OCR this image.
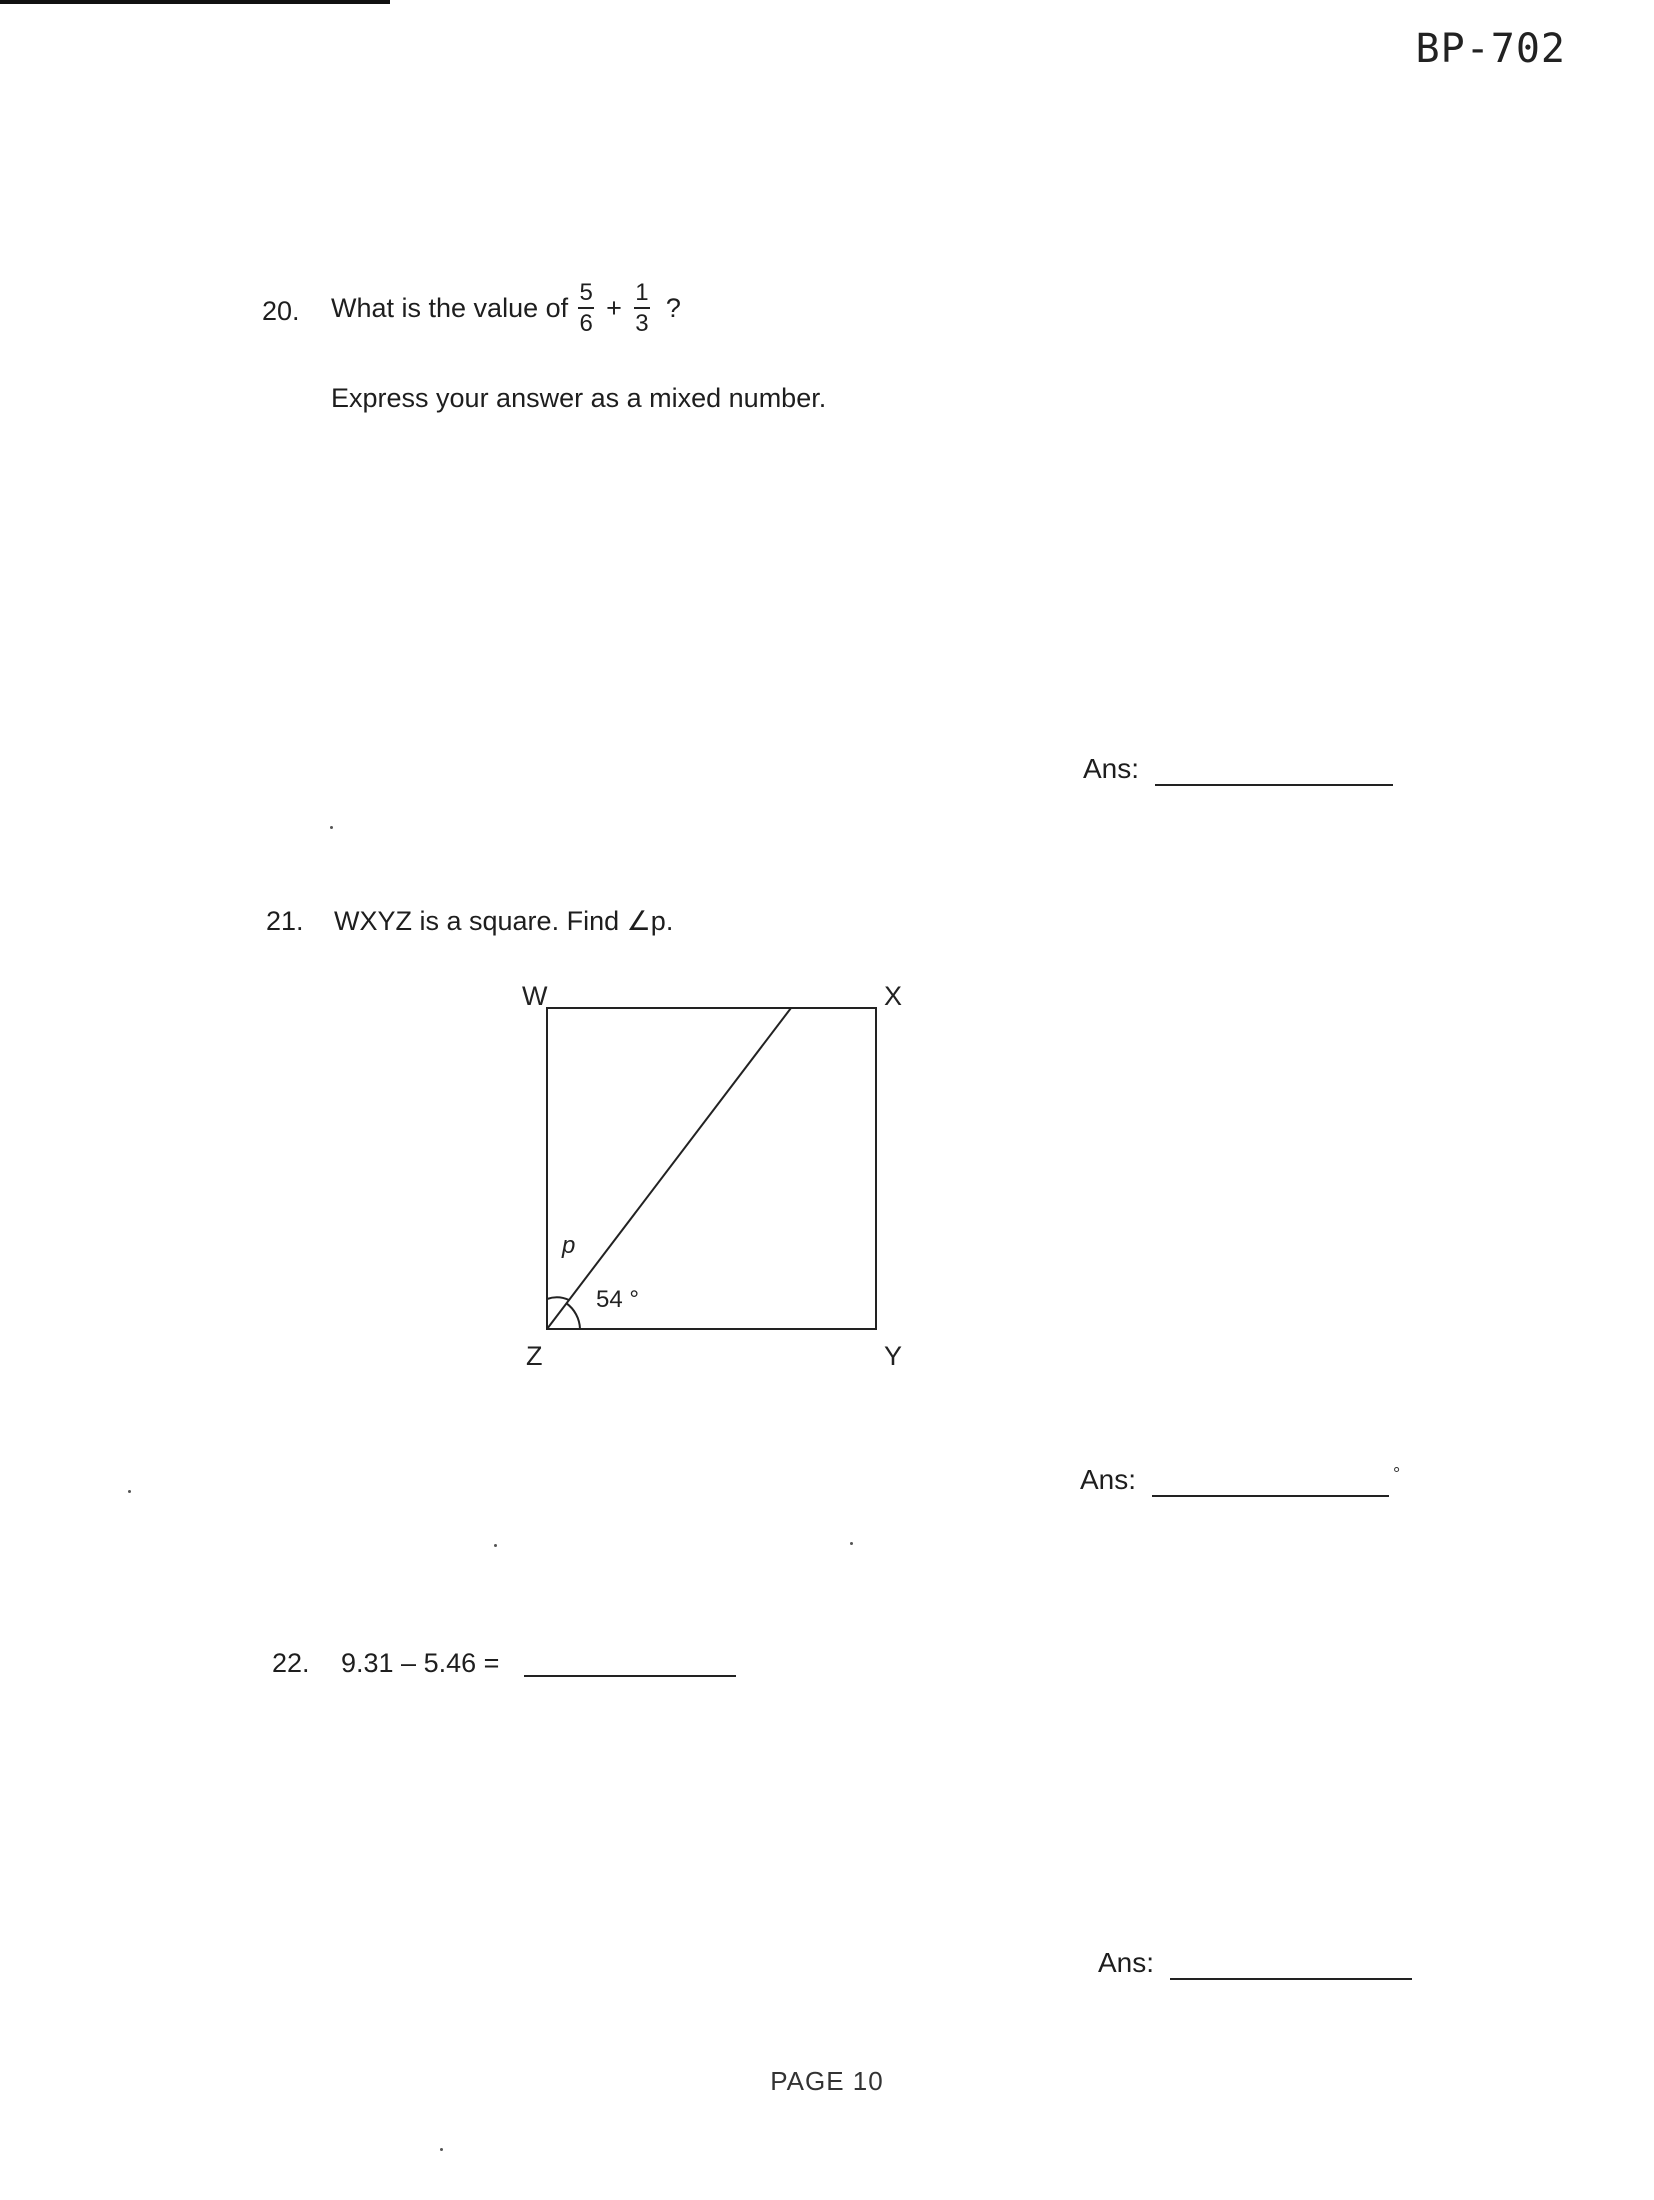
BP-702
20. What is the value of $\frac{5}{6} + \frac{1}{3}$ ?
Express your answer as a mixed number.
Ans:
21. WXYZ is a square. Find ∠p.
W	X
Z	Y
p
54 °
Ans:	°
22. 9.31 – 5.46 =
Ans:
PAGE 10
